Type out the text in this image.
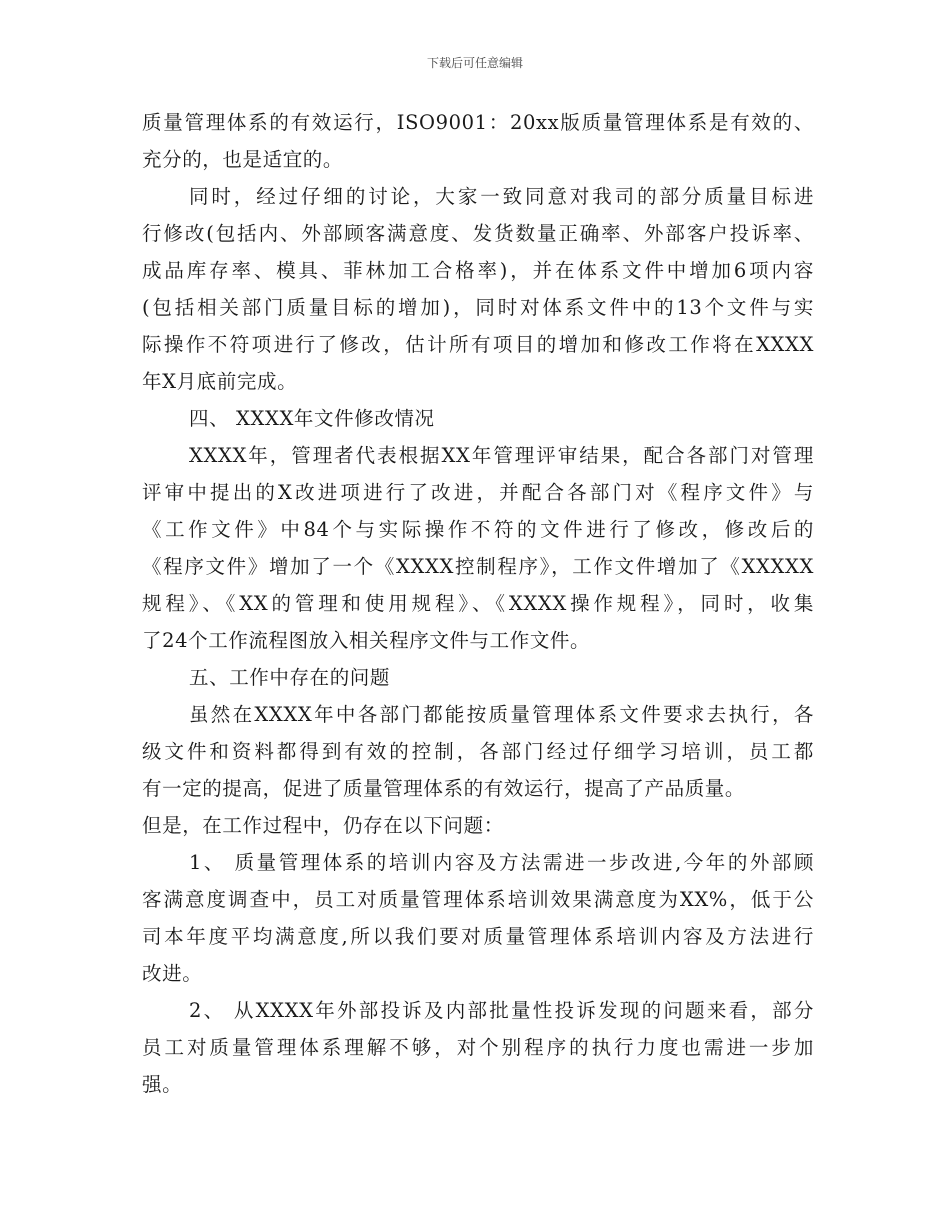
下载后可任意编辑
质量管理体系的有效运行，ISO9001：20xx版质量管理体系是有效的、
充分的，也是适宜的。
同时，经过仔细的讨论，大家一致同意对我司的部分质量目标进
行修改(包括内、外部顾客满意度、发货数量正确率、外部客户投诉率、
成品库存率、模具、菲林加工合格率)，并在体系文件中增加6项内容
(包括相关部门质量目标的增加)，同时对体系文件中的13个文件与实
际操作不符项进行了修改，估计所有项目的增加和修改工作将在XXXX
年X月底前完成。
四、 XXXX年文件修改情况
XXXX年，管理者代表根据XX年管理评审结果，配合各部门对管理
评审中提出的X改进项进行了改进，并配合各部门对《程序文件》与
《工作文件》中84个与实际操作不符的文件进行了修改，修改后的
《程序文件》增加了一个《XXXX控制程序》，工作文件增加了《XXXXX
规程》、《XX的管理和使用规程》、《XXXX操作规程》，同时，收集
了24个工作流程图放入相关程序文件与工作文件。
五、工作中存在的问题
虽然在XXXX年中各部门都能按质量管理体系文件要求去执行，各
级文件和资料都得到有效的控制，各部门经过仔细学习培训，员工都
有一定的提高，促进了质量管理体系的有效运行，提高了产品质量。
但是，在工作过程中，仍存在以下问题：
1、 质量管理体系的培训内容及方法需进一步改进,今年的外部顾
客满意度调查中，员工对质量管理体系培训效果满意度为XX%，低于公
司本年度平均满意度,所以我们要对质量管理体系培训内容及方法进行
改进。
2、 从XXXX年外部投诉及内部批量性投诉发现的问题来看，部分
员工对质量管理体系理解不够，对个别程序的执行力度也需进一步加
强。
